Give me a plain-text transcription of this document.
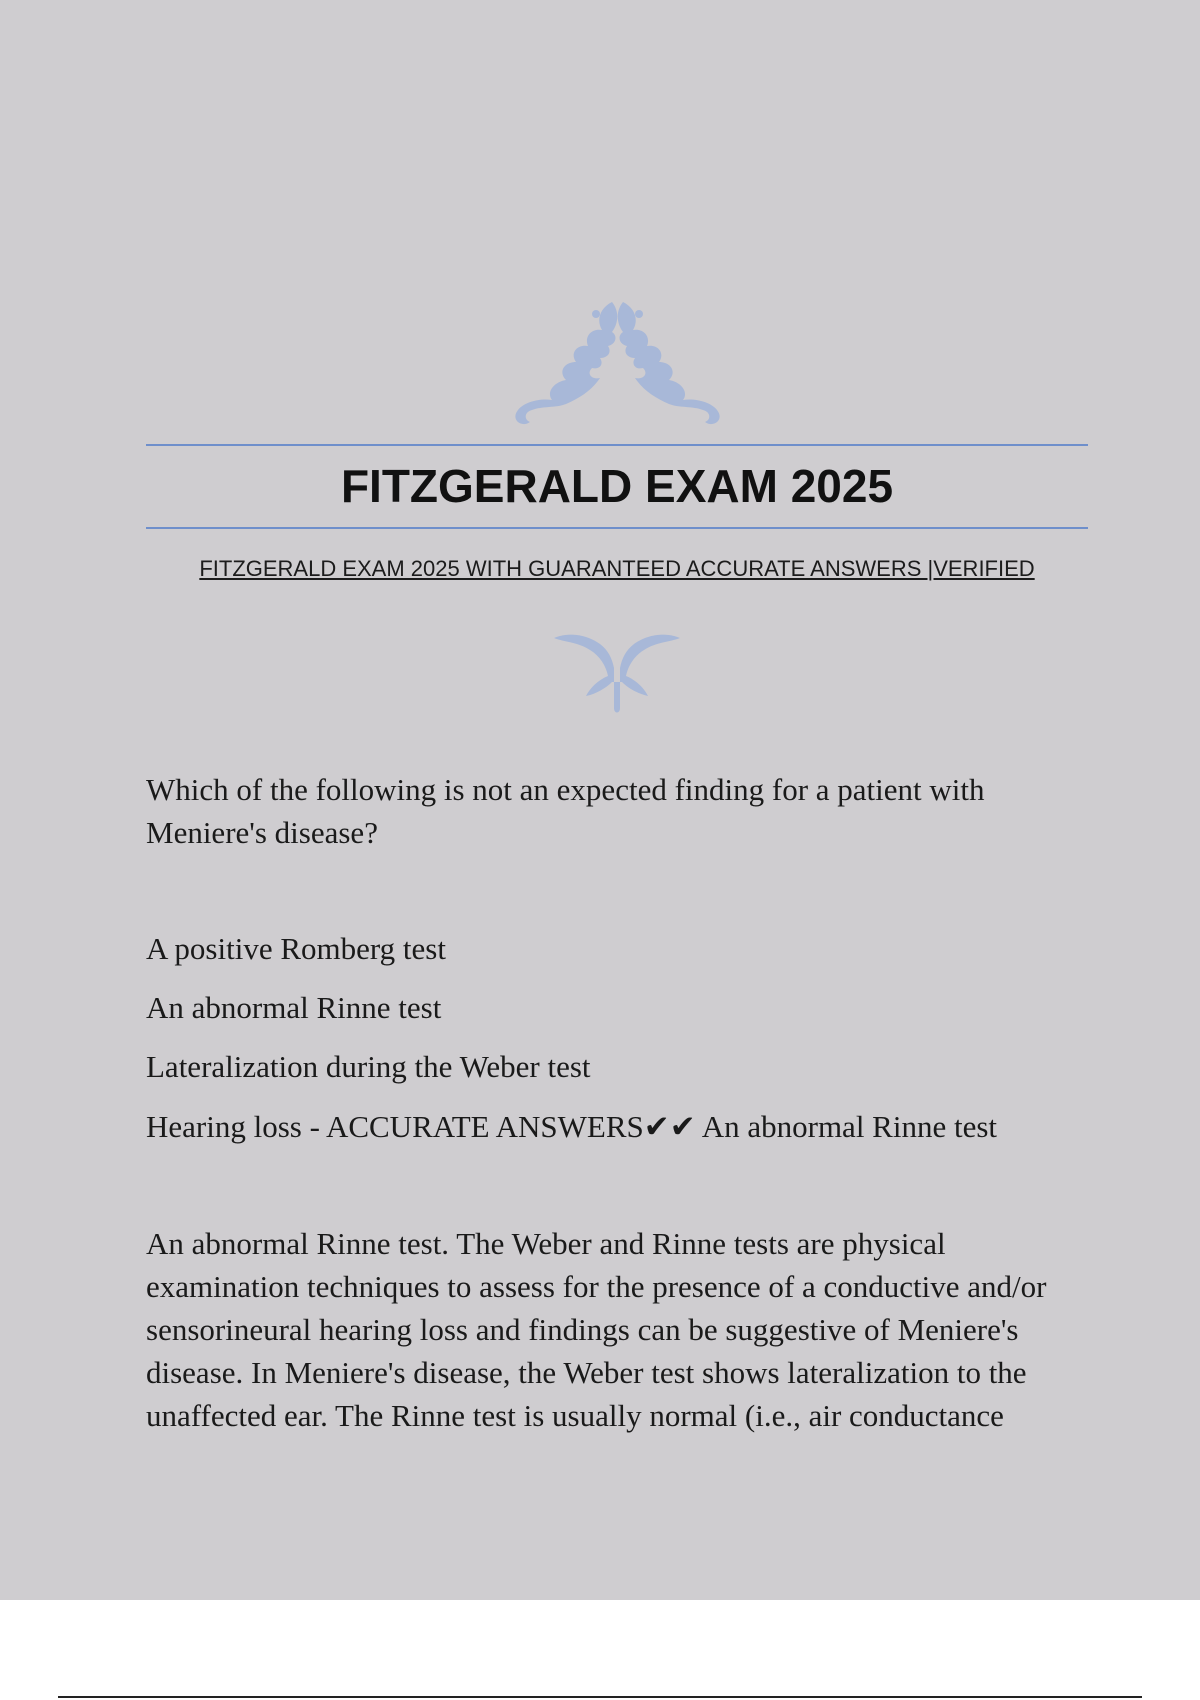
FITZGERALD EXAM 2025

FITZGERALD EXAM 2025 WITH GUARANTEED ACCURATE ANSWERS |VERIFIED

Which of the following is not an expected finding for a patient with Meniere's disease?

A positive Romberg test

An abnormal Rinne test

Lateralization during the Weber test

Hearing loss - ACCURATE ANSWERS✔✔ An abnormal Rinne test

An abnormal Rinne test. The Weber and Rinne tests are physical examination techniques to assess for the presence of a conductive and/or sensorineural hearing loss and findings can be suggestive of Meniere's disease. In Meniere's disease, the Weber test shows lateralization to the unaffected ear. The Rinne test is usually normal (i.e., air conductance
